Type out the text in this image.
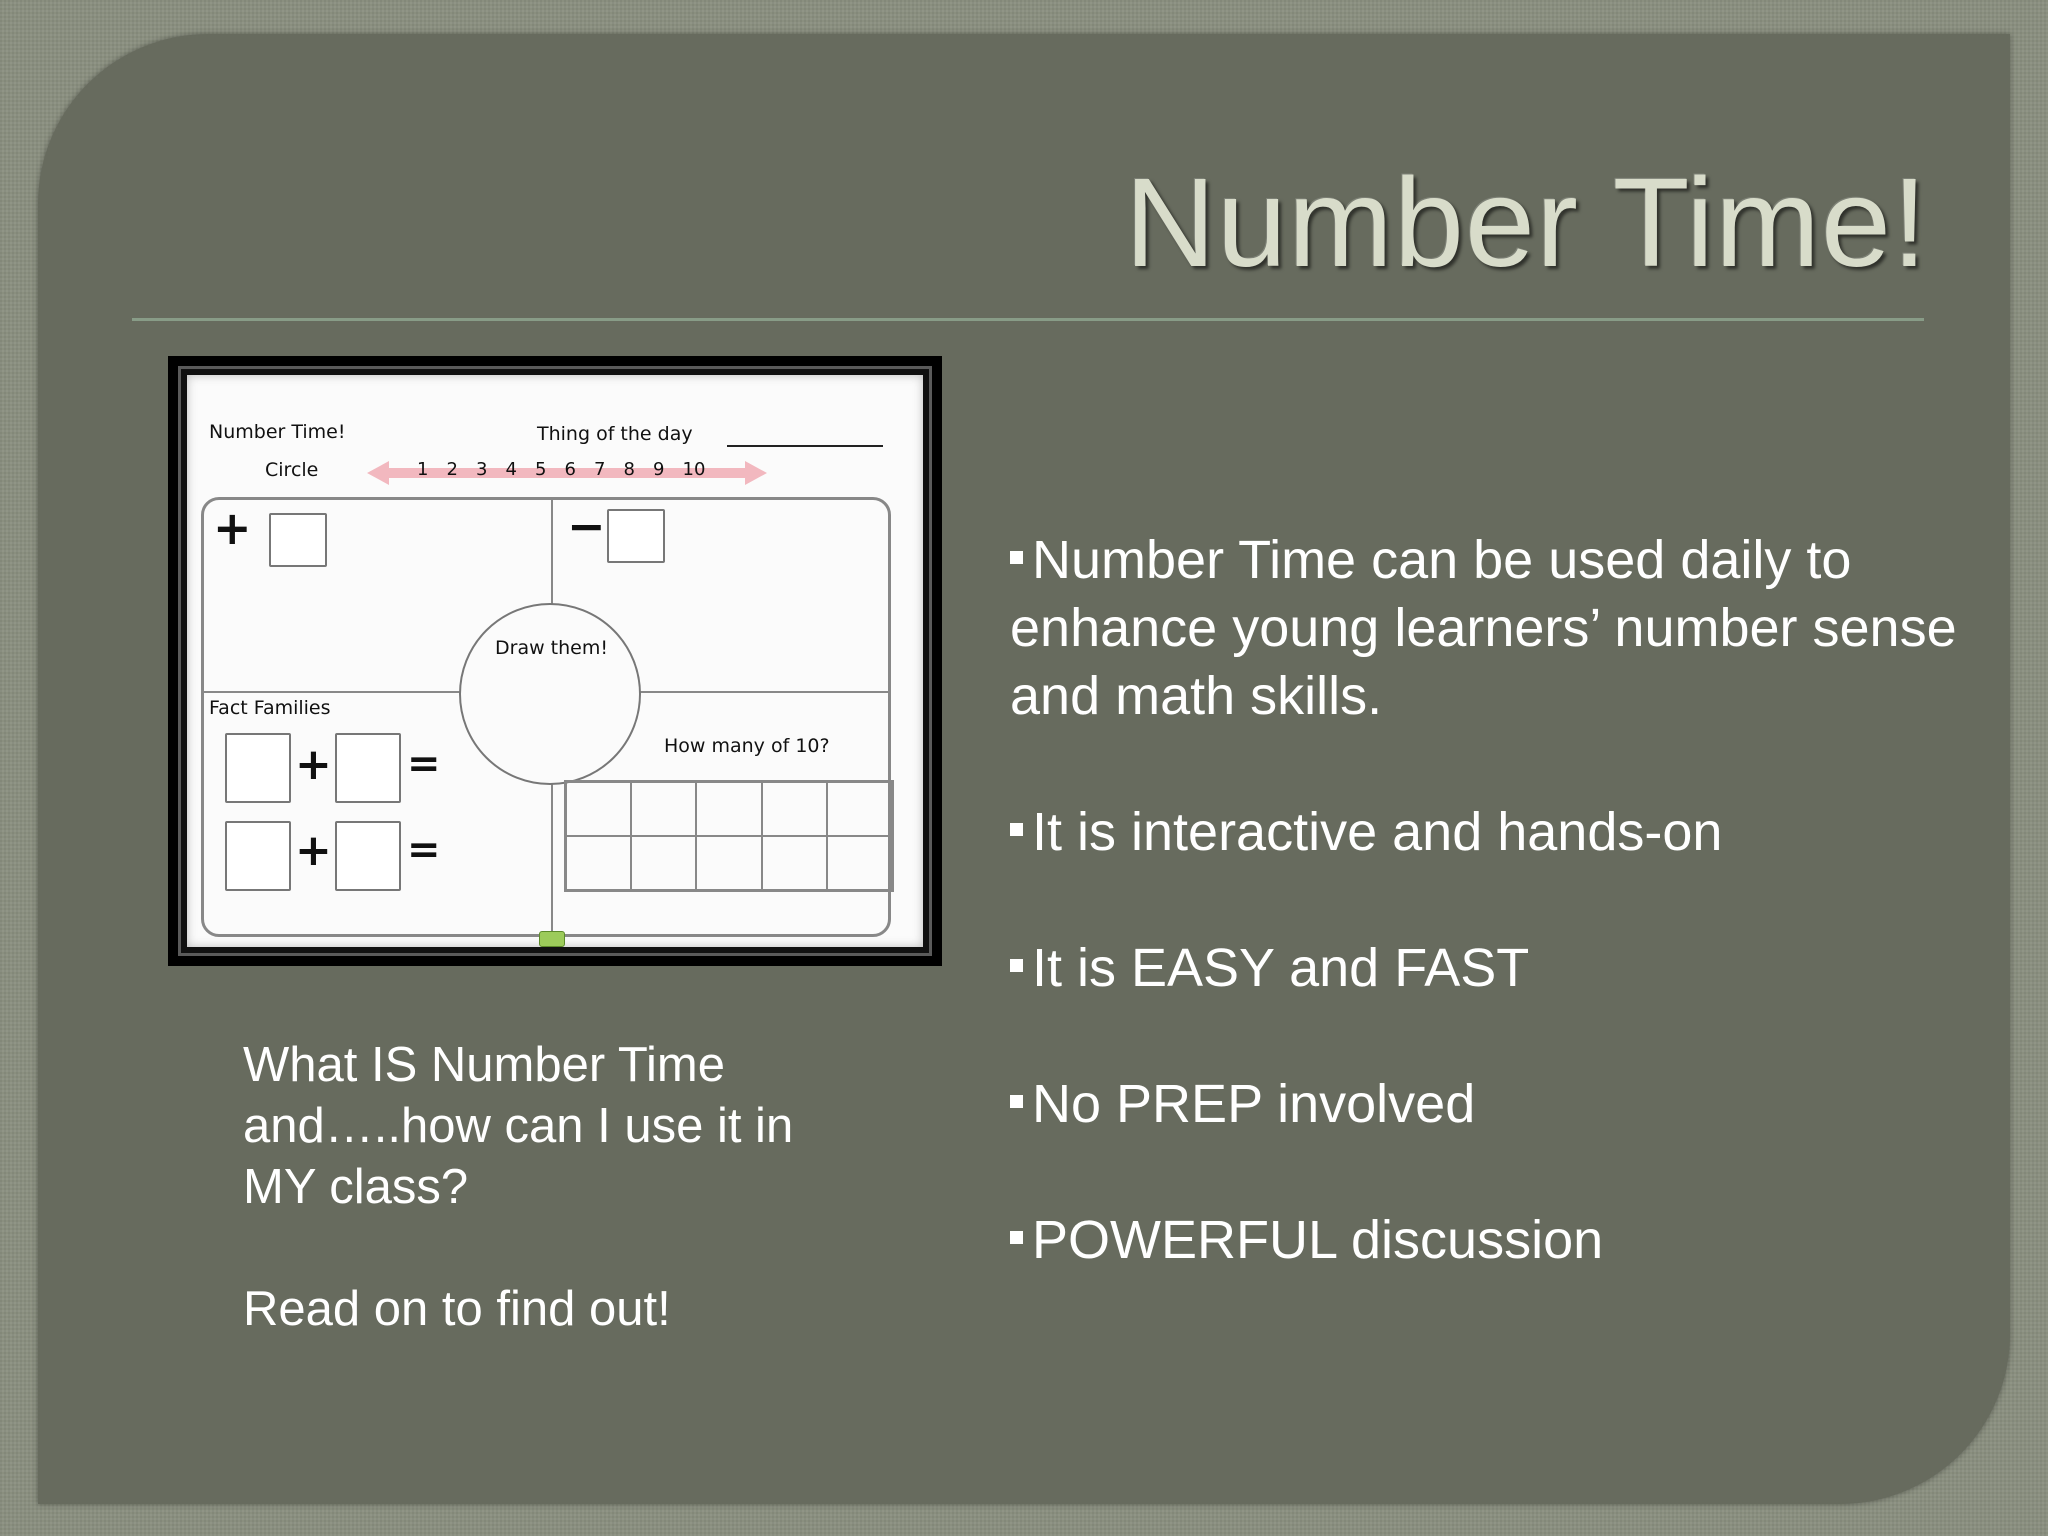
Number Time!
Number Time!	Thing of the day
Circle	1 2 3 4 5 6 7 8 9 10
Draw them!
+	−
Fact Families
How many of 10?
+ =
+ =

What IS Number Time and…..how can I use it in MY class?

Read on to find out!

Number Time can be used daily to enhance young learners’ number sense and math skills.
It is interactive and hands-on
It is EASY and FAST
No PREP involved
POWERFUL discussion
